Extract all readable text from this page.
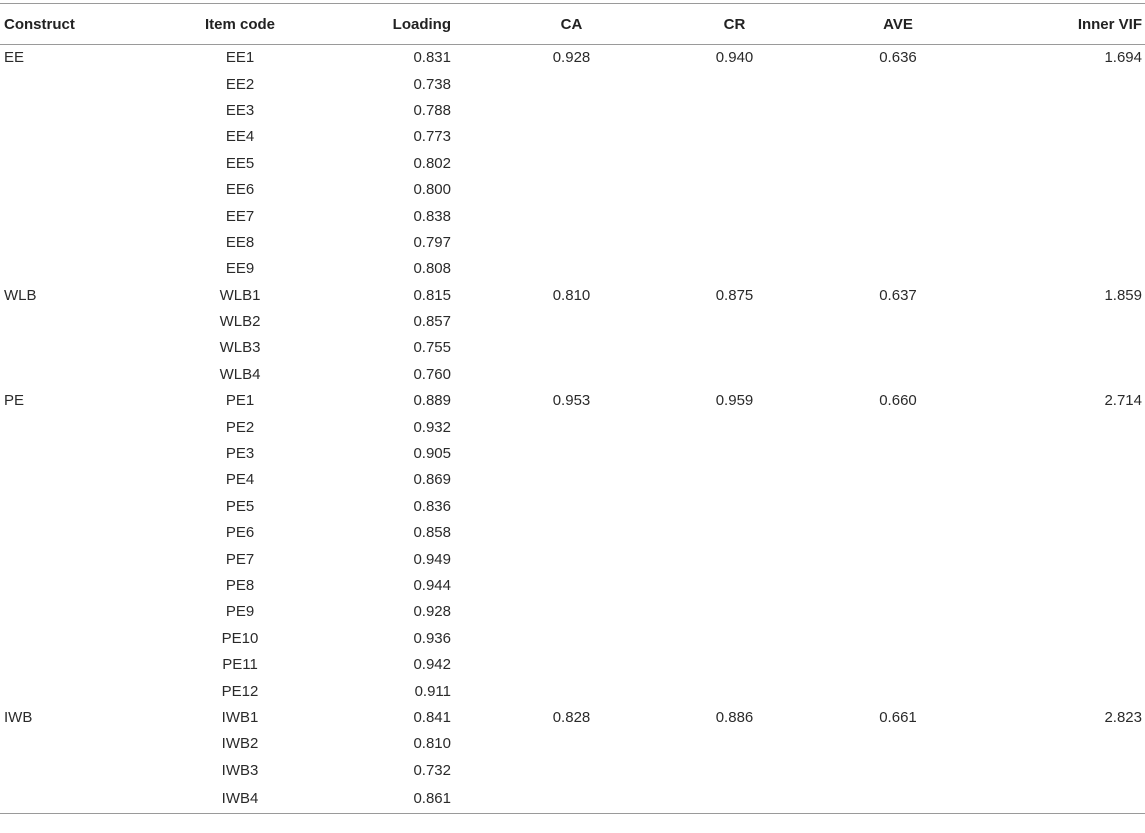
Construct	Item code	Loading	CA	CR	AVE	Inner VIF
EE	EE1	0.831	0.928	0.940	0.636	1.694
	EE2	0.738				
	EE3	0.788				
	EE4	0.773				
	EE5	0.802				
	EE6	0.800				
	EE7	0.838				
	EE8	0.797				
	EE9	0.808				
WLB	WLB1	0.815	0.810	0.875	0.637	1.859
	WLB2	0.857				
	WLB3	0.755				
	WLB4	0.760				
PE	PE1	0.889	0.953	0.959	0.660	2.714
	PE2	0.932				
	PE3	0.905				
	PE4	0.869				
	PE5	0.836				
	PE6	0.858				
	PE7	0.949				
	PE8	0.944				
	PE9	0.928				
	PE10	0.936				
	PE11	0.942				
	PE12	0.911				
IWB	IWB1	0.841	0.828	0.886	0.661	2.823
	IWB2	0.810				
	IWB3	0.732				
	IWB4	0.861				
